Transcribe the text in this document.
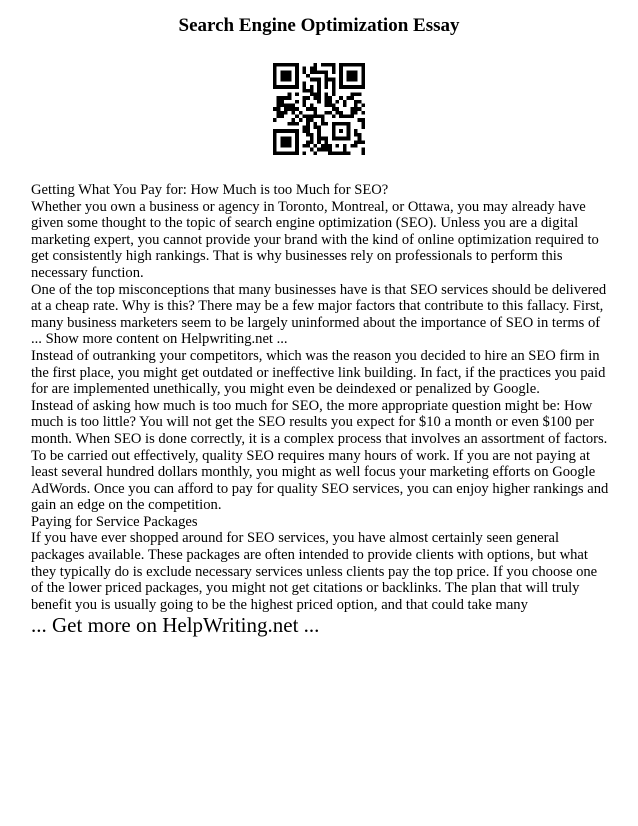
Search Engine Optimization Essay

Getting What You Pay for: How Much is too Much for SEO?

Whether you own a business or agency in Toronto, Montreal, or Ottawa, you may already have given some thought to the topic of search engine optimization (SEO). Unless you are a digital marketing expert, you cannot provide your brand with the kind of online optimization required to get consistently high rankings. That is why businesses rely on professionals to perform this necessary function.

One of the top misconceptions that many businesses have is that SEO services should be delivered at a cheap rate. Why is this? There may be a few major factors that contribute to this fallacy. First, many business marketers seem to be largely uninformed about the importance of SEO in terms of ... Show more content on Helpwriting.net ...

Instead of outranking your competitors, which was the reason you decided to hire an SEO firm in the first place, you might get outdated or ineffective link building. In fact, if the practices you paid for are implemented unethically, you might even be deindexed or penalized by Google.

Instead of asking how much is too much for SEO, the more appropriate question might be: How much is too little? You will not get the SEO results you expect for $10 a month or even $100 per month. When SEO is done correctly, it is a complex process that involves an assortment of factors. To be carried out effectively, quality SEO requires many hours of work. If you are not paying at least several hundred dollars monthly, you might as well focus your marketing efforts on Google AdWords. Once you can afford to pay for quality SEO services, you can enjoy higher rankings and gain an edge on the competition.

Paying for Service Packages

If you have ever shopped around for SEO services, you have almost certainly seen general packages available. These packages are often intended to provide clients with options, but what they typically do is exclude necessary services unless clients pay the top price. If you choose one of the lower priced packages, you might not get citations or backlinks. The plan that will truly benefit you is usually going to be the highest priced option, and that could take many

... Get more on HelpWriting.net ...
